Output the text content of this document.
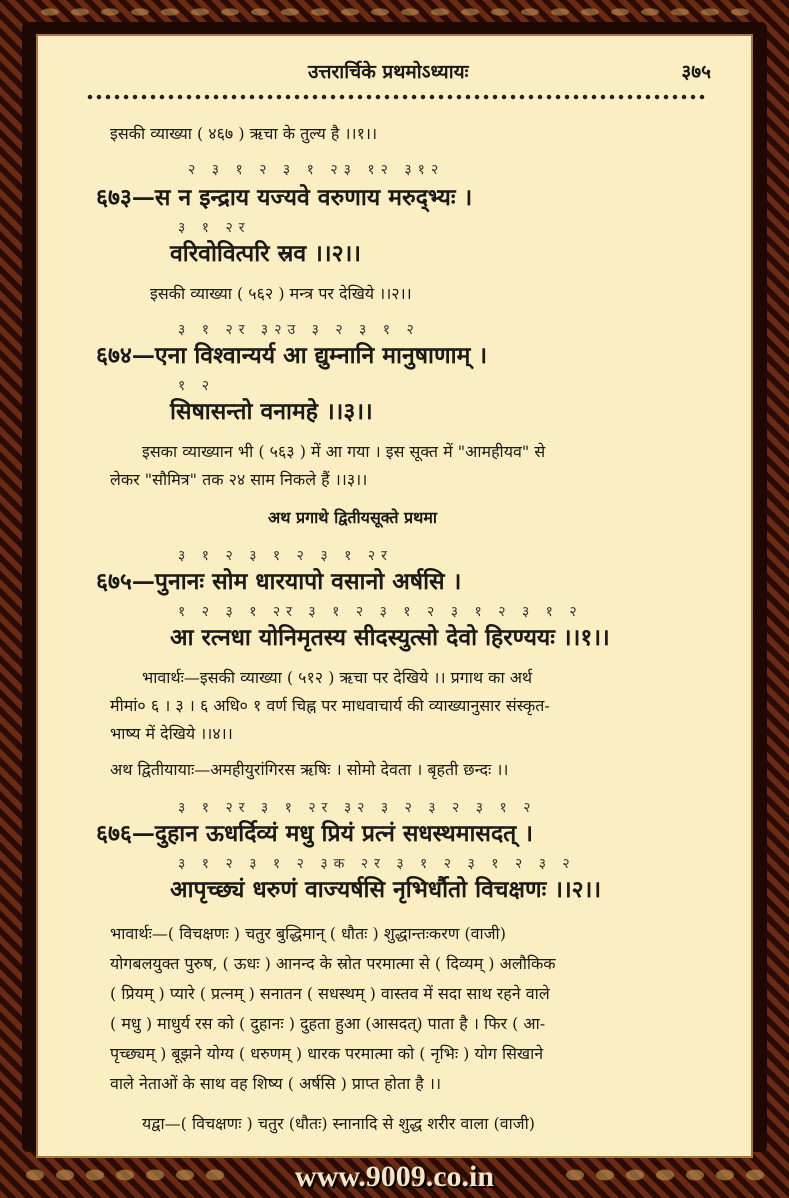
उत्तरार्चिके प्रथमोऽध्यायः	३७५
इसकी व्याख्या ( ४६७ ) ऋचा के तुल्य है ।।१।।
२ ३ १ २ ३ १ २३ १२ ३१२
६७३—स न इन्द्राय यज्यवे वरुणाय मरुद्भ्यः ।
३ १ २र
वरिवोवित्परि स्रव ।।२।।
इसकी व्याख्या ( ५६२ ) मन्त्र पर देखिये ।।२।।
३ १ २र ३२उ ३ २ ३ १ २
६७४—एना विश्वान्यर्य आ द्युम्नानि मानुषाणाम् ।
१ २
सिषासन्तो वनामहे ।।३।।
इसका व्याख्यान भी ( ५६३ ) में आ गया । इस सूक्त में "आमहीयव" से
लेकर "सौमित्र" तक २४ साम निकले हैं ।।३।।
अथ प्रगाथे द्वितीयसूक्ते प्रथमा
३ १ २ ३ १ २ ३ १ २र
६७५—पुनानः सोम धारयापो वसानो अर्षसि ।
१ २ ३ १ २र ३ १ २ ३ १ २ ३ १ २ ३ १ २
आ रत्नधा योनिमृतस्य सीदस्युत्सो देवो हिरण्ययः ।।१।।
भावार्थः—इसकी व्याख्या ( ५१२ ) ऋचा पर देखिये ।। प्रगाथ का अर्थ
मीमां० ६ । ३ । ६ अधि० १ वर्ण चिह्न पर माधवाचार्य की व्याख्यानुसार संस्कृत-
भाष्य में देखिये ।।४।।
अथ द्वितीयायाः—अमहीयुरांगिरस ऋषिः । सोमो देवता । बृहती छन्दः ।।
३ १ २र ३ १ २र ३२ ३ २ ३ २ ३ १ २
६७६—दुहान ऊधर्दिव्यं मधु प्रियं प्रत्नं सधस्थमासदत् ।
३ १ २ ३ १ २ ३क २र ३ १ २ ३ १ २ ३ २
आपृच्छ्यं धरुणं वाज्यर्षसि नृभिर्धौतो विचक्षणः ।।२।।
भावार्थः—( विचक्षणः ) चतुर बुद्धिमान् ( धौतः ) शुद्धान्तःकरण (वाजी)
योगबलयुक्त पुरुष, ( ऊधः ) आनन्द के स्रोत परमात्मा से ( दिव्यम् ) अलौकिक
( प्रियम् ) प्यारे ( प्रत्नम् ) सनातन ( सधस्थम् ) वास्तव में सदा साथ रहने वाले
( मधु ) माधुर्य रस को ( दुहानः ) दुहता हुआ (आसदत्) पाता है । फिर ( आ-
पृच्छ्यम् ) बूझने योग्य ( धरुणम् ) धारक परमात्मा को ( नृभिः ) योग सिखाने
वाले नेताओं के साथ वह शिष्य ( अर्षसि ) प्राप्त होता है ।।
यद्वा—( विचक्षणः ) चतुर (धौतः) स्नानादि से शुद्ध शरीर वाला (वाजी)
www.9009.co.in
